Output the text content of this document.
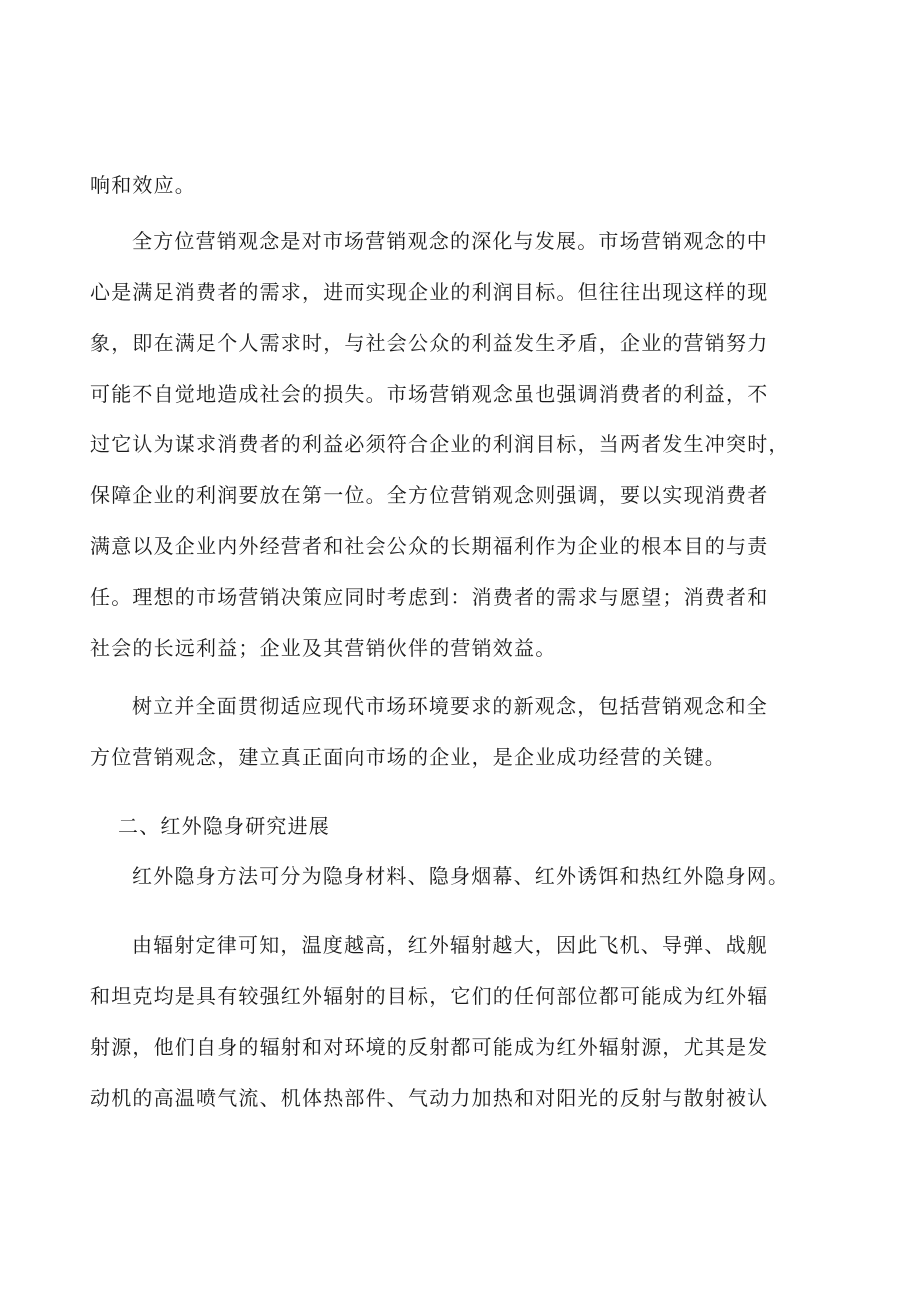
响和效应。

全方位营销观念是对市场营销观念的深化与发展。市场营销观念的中

心是满足消费者的需求，进而实现企业的利润目标。但往往出现这样的现

象，即在满足个人需求时，与社会公众的利益发生矛盾，企业的营销努力

可能不自觉地造成社会的损失。市场营销观念虽也强调消费者的利益，不

过它认为谋求消费者的利益必须符合企业的利润目标，当两者发生冲突时，

保障企业的利润要放在第一位。全方位营销观念则强调，要以实现消费者

满意以及企业内外经营者和社会公众的长期福利作为企业的根本目的与责

任。理想的市场营销决策应同时考虑到：消费者的需求与愿望；消费者和

社会的长远利益；企业及其营销伙伴的营销效益。

树立并全面贯彻适应现代市场环境要求的新观念，包括营销观念和全

方位营销观念，建立真正面向市场的企业，是企业成功经营的关键。

二、红外隐身研究进展

红外隐身方法可分为隐身材料、隐身烟幕、红外诱饵和热红外隐身网。

由辐射定律可知，温度越高，红外辐射越大，因此飞机、导弹、战舰

和坦克均是具有较强红外辐射的目标，它们的任何部位都可能成为红外辐

射源，他们自身的辐射和对环境的反射都可能成为红外辐射源，尤其是发

动机的高温喷气流、机体热部件、气动力加热和对阳光的反射与散射被认
